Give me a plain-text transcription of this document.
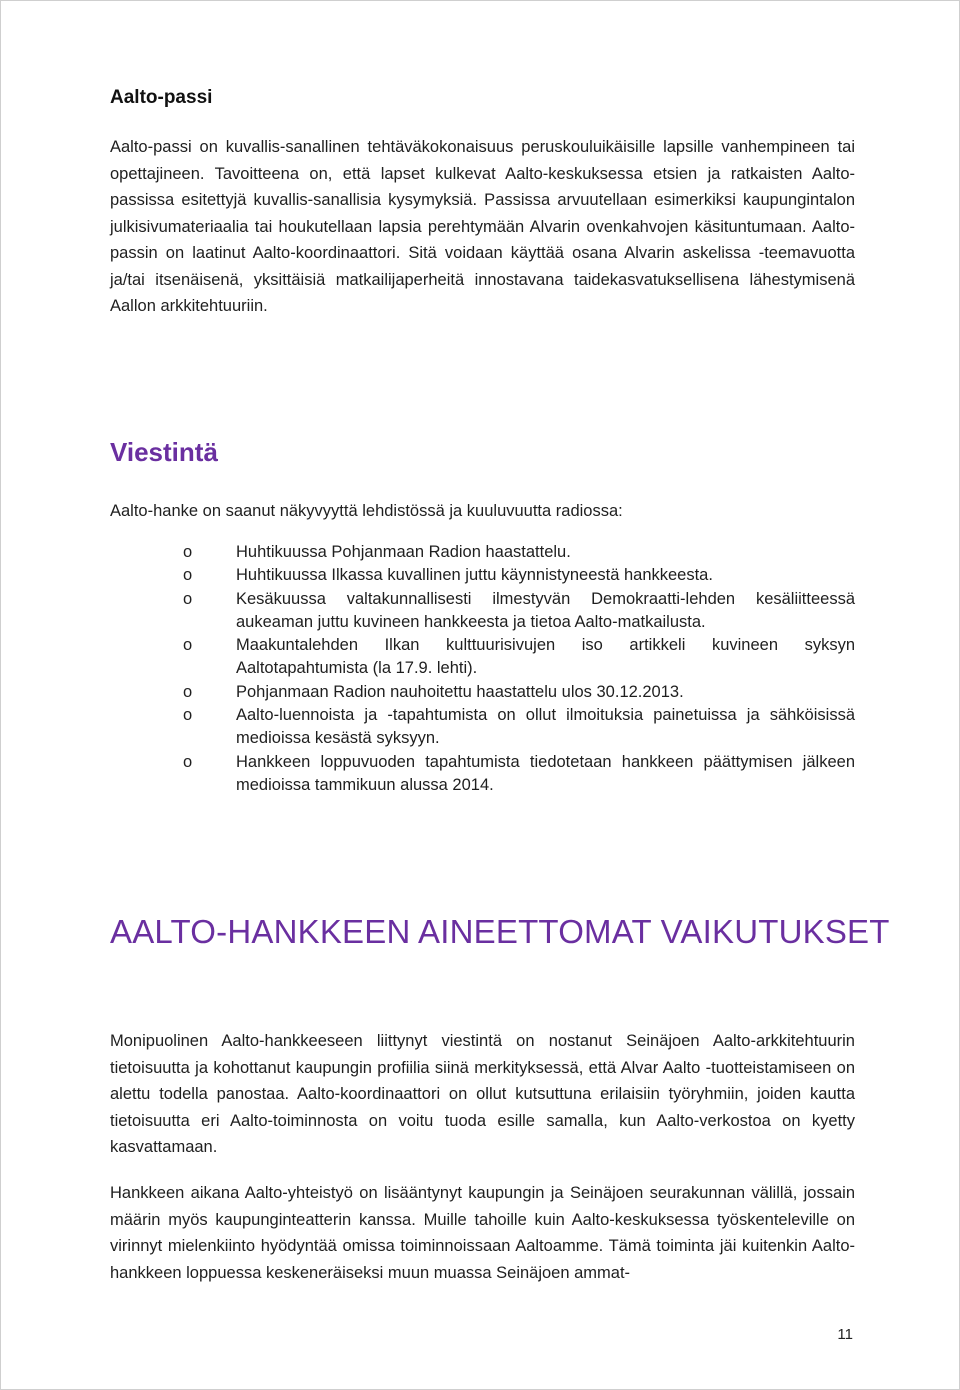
Aalto-passi

Aalto-passi on kuvallis-sanallinen tehtäväkokonaisuus peruskouluikäisille lapsille vanhempineen tai opettajineen. Tavoitteena on, että lapset kulkevat Aalto-keskuksessa etsien ja ratkaisten Aalto-passissa esitettyjä kuvallis-sanallisia kysymyksiä. Passissa arvuutellaan esimerkiksi kaupungintalon julkisivumateriaalia tai houkutellaan lapsia perehtymään Alvarin ovenkahvojen käsituntumaan. Aalto-passin on laatinut Aalto-koordinaattori. Sitä voidaan käyttää osana Alvarin askelissa -teemavuotta ja/tai itsenäisenä, yksittäisiä matkailijaperheitä innostavana taidekasvatuksellisena lähestymisenä Aallon arkkitehtuuriin.

Viestintä

Aalto-hanke on saanut näkyvyyttä lehdistössä ja kuuluvuutta radiossa:

o	Huhtikuussa Pohjanmaan Radion haastattelu.
o	Huhtikuussa Ilkassa kuvallinen juttu käynnistyneestä hankkeesta.
o	Kesäkuussa valtakunnallisesti ilmestyvän Demokraatti-lehden kesäliitteessä aukeaman juttu kuvineen hankkeesta ja tietoa Aalto-matkailusta.
o	Maakuntalehden Ilkan kulttuurisivujen iso artikkeli kuvineen syksyn Aaltotapahtumista (la 17.9. lehti).
o	Pohjanmaan Radion nauhoitettu haastattelu ulos 30.12.2013.
o	Aalto-luennoista ja -tapahtumista on ollut ilmoituksia painetuissa ja sähköisissä medioissa kesästä syksyyn.
o	Hankkeen loppuvuoden tapahtumista tiedotetaan hankkeen päättymisen jälkeen medioissa tammikuun alussa 2014.
AALTO-HANKKEEN AINEETTOMAT VAIKUTUKSET

Monipuolinen Aalto-hankkeeseen liittynyt viestintä on nostanut Seinäjoen Aalto-arkkitehtuurin tietoisuutta ja kohottanut kaupungin profiilia siinä merkityksessä, että Alvar Aalto -tuotteistamiseen on alettu todella panostaa. Aalto-koordinaattori on ollut kutsuttuna erilaisiin työryhmiin, joiden kautta tietoisuutta eri Aalto-toiminnosta on voitu tuoda esille samalla, kun Aalto-verkostoa on kyetty kasvattamaan.

Hankkeen aikana Aalto-yhteistyö on lisääntynyt kaupungin ja Seinäjoen seurakunnan välillä, jossain määrin myös kaupunginteatterin kanssa. Muille tahoille kuin Aalto-keskuksessa työskenteleville on virinnyt mielenkiinto hyödyntää omissa toiminnoissaan Aaltoamme. Tämä toiminta jäi kuitenkin Aalto-hankkeen loppuessa keskeneräiseksi muun muassa Seinäjoen ammat-

11
